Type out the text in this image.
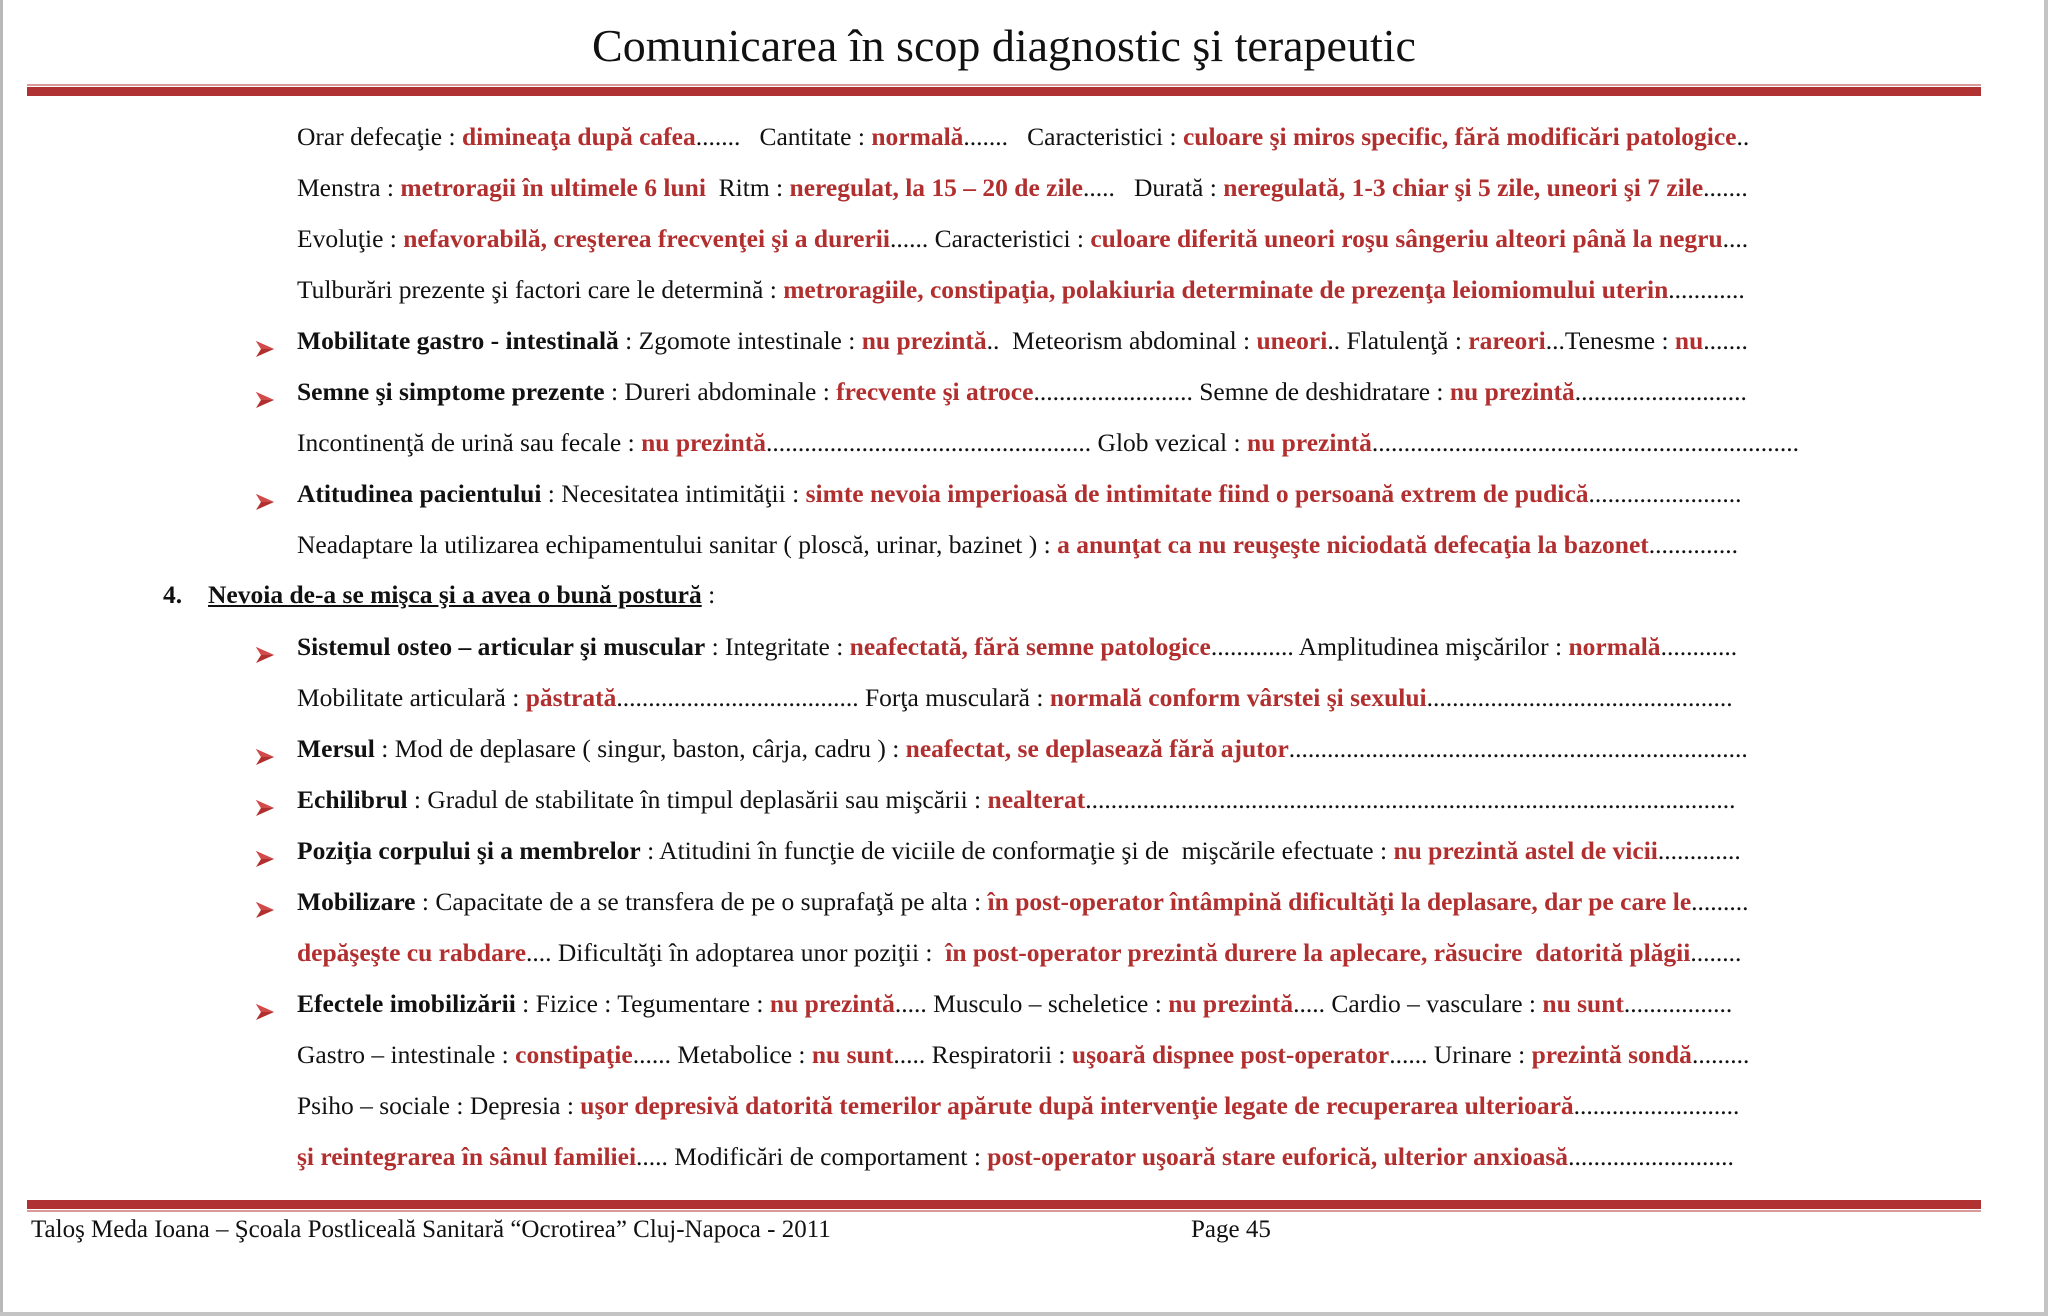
Comunicarea în scop diagnostic şi terapeutic
Orar defecaţie : dimineaţa după cafea.......   Cantitate : normală.......   Caracteristici : culoare şi miros specific, fără modificări patologice..
Menstra : metroragii în ultimele 6 luni  Ritm : neregulat, la 15 – 20 de zile.....   Durată : neregulată, 1-3 chiar şi 5 zile, uneori şi 7 zile.......
Evoluţie : nefavorabilă, creşterea frecvenţei şi a durerii...... Caracteristici : culoare diferită uneori roşu sângeriu alteori până la negru....
Tulburări prezente şi factori care le determină : metroragiile, constipaţia, polakiuria determinate de prezenţa leiomiomului uterin............
Mobilitate gastro - intestinală : Zgomote intestinale : nu prezintă..  Meteorism abdominal : uneori.. Flatulenţă : rareori...Tenesme : nu.......
Semne şi simptome prezente : Dureri abdominale : frecvente şi atroce......................... Semne de deshidratare : nu prezintă...........................
Incontinenţă de urină sau fecale : nu prezintă................................................... Glob vezical : nu prezintă...................................................................
Atitudinea pacientului : Necesitatea intimităţii : simte nevoia imperioasă de intimitate fiind o persoană extrem de pudică........................
Neadaptare la utilizarea echipamentului sanitar ( ploscă, urinar, bazinet ) : a anunţat ca nu reuşeşte niciodată defecaţia la bazonet..............
Sistemul osteo – articular şi muscular : Integritate : neafectată, fără semne patologice............. Amplitudinea mişcărilor : normală............
Mobilitate articulară : păstrată...................................... Forţa musculară : normală conform vârstei şi sexului................................................
Mersul : Mod de deplasare ( singur, baston, cârja, cadru ) : neafectat, se deplasează fără ajutor........................................................................
Echilibrul : Gradul de stabilitate în timpul deplasării sau mişcării : nealterat......................................................................................................
Poziţia corpului şi a membrelor : Atitudini în funcţie de viciile de conformaţie şi de  mişcările efectuate : nu prezintă astel de vicii.............
Mobilizare : Capacitate de a se transfera de pe o suprafaţă pe alta : în post-operator întâmpină dificultăţi la deplasare, dar pe care le.........
depăşeşte cu rabdare.... Dificultăţi în adoptarea unor poziţii :  în post-operator prezintă durere la aplecare, răsucire  datorită plăgii........
Efectele imobilizării : Fizice : Tegumentare : nu prezintă..... Musculo – scheletice : nu prezintă..... Cardio – vasculare : nu sunt.................
Gastro – intestinale : constipaţie...... Metabolice : nu sunt..... Respiratorii : uşoară dispnee post-operator...... Urinare : prezintă sondă.........
Psiho – sociale : Depresia : uşor depresivă datorită temerilor apărute după intervenţie legate de recuperarea ulterioară..........................
şi reintegrarea în sânul familiei..... Modificări de comportament : post-operator uşoară stare euforică, ulterior anxioasă..........................
4. Nevoia de-a se mişca şi a avea o bună postură :
Taloş Meda Ioana – Şcoala Postliceală Sanitară “Ocrotirea” Cluj-Napoca - 2011	Page 45
